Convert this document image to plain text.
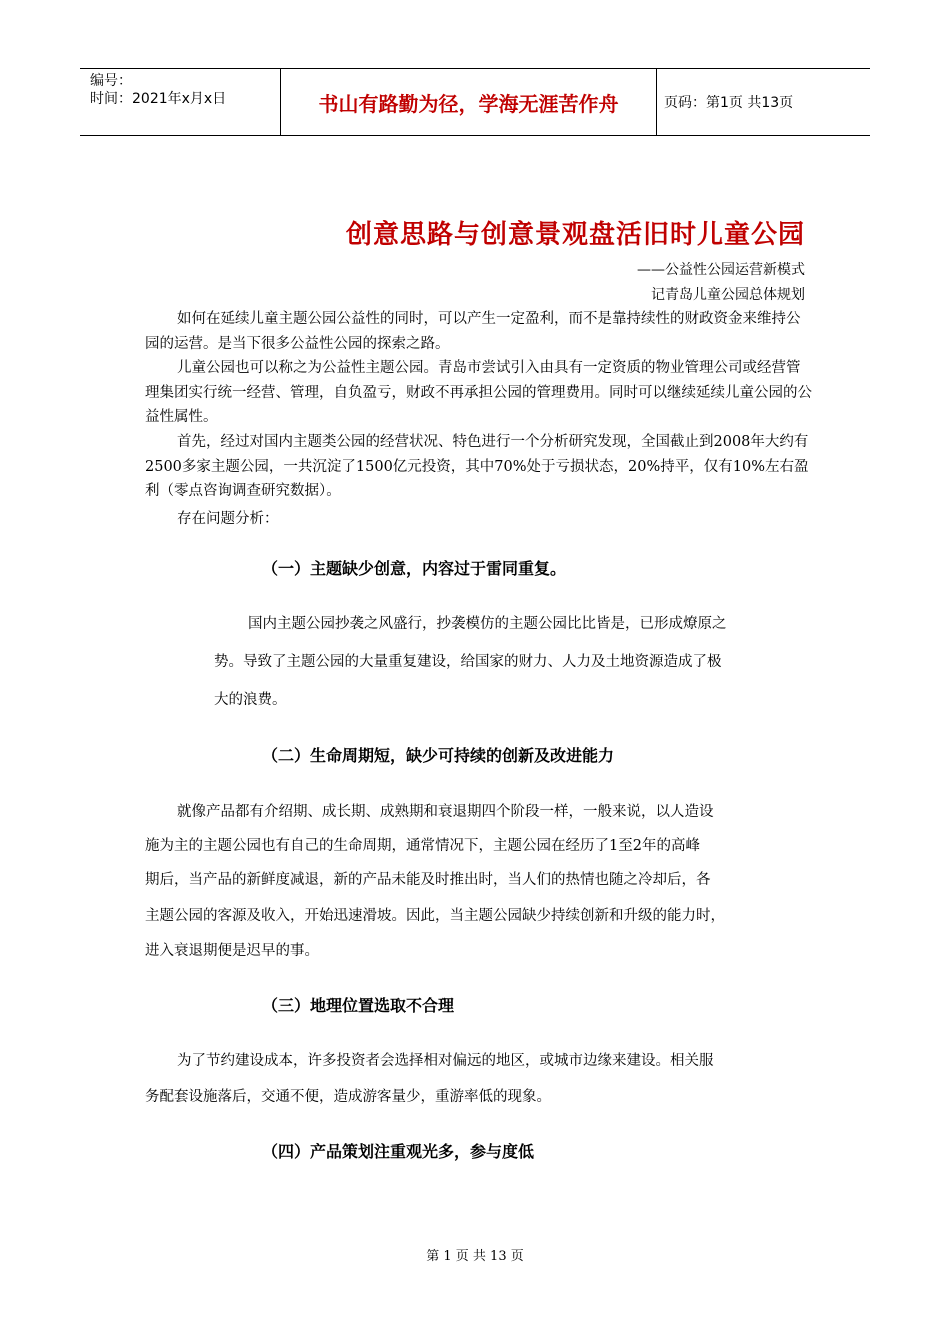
编号：
时间：2021年x月x日	书山有路勤为径，学海无涯苦作舟	页码：第1页 共13页
创意思路与创意景观盘活旧时儿童公园
——公益性公园运营新模式
记青岛儿童公园总体规划
如何在延续儿童主题公园公益性的同时，可以产生一定盈利，而不是靠持续性的财政资金来维持公园的运营。是当下很多公益性公园的探索之路。
儿童公园也可以称之为公益性主题公园。青岛市尝试引入由具有一定资质的物业管理公司或经营管理集团实行统一经营、管理，自负盈亏，财政不再承担公园的管理费用。同时可以继续延续儿童公园的公益性属性。
首先，经过对国内主题类公园的经营状况、特色进行一个分析研究发现，全国截止到2008年大约有2500多家主题公园，一共沉淀了1500亿元投资，其中70%处于亏损状态，20%持平，仅有10%左右盈利（零点咨询调查研究数据）。
存在问题分析：
（一）主题缺少创意，内容过于雷同重复。
国内主题公园抄袭之风盛行，抄袭模仿的主题公园比比皆是，已形成燎原之
势。导致了主题公园的大量重复建设，给国家的财力、人力及土地资源造成了极
大的浪费。
（二）生命周期短，缺少可持续的创新及改进能力
就像产品都有介绍期、成长期、成熟期和衰退期四个阶段一样，一般来说，以人造设
施为主的主题公园也有自己的生命周期，通常情况下，主题公园在经历了1至2年的高峰
期后，当产品的新鲜度减退，新的产品未能及时推出时，当人们的热情也随之冷却后，各
主题公园的客源及收入，开始迅速滑坡。因此，当主题公园缺少持续创新和升级的能力时，
进入衰退期便是迟早的事。
（三）地理位置选取不合理
为了节约建设成本，许多投资者会选择相对偏远的地区，或城市边缘来建设。相关服
务配套设施落后，交通不便，造成游客量少，重游率低的现象。
（四）产品策划注重观光多，参与度低
第 1 页 共 13 页
